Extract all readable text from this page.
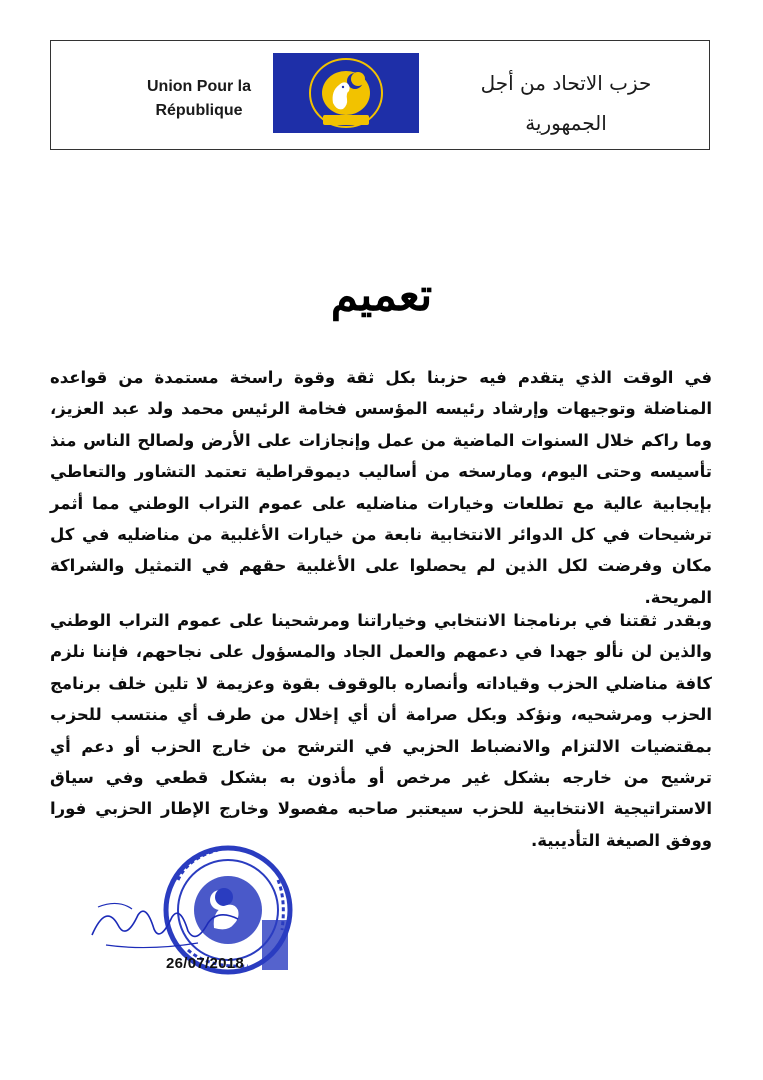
Union Pour la République
حزب الاتحاد من أجل الجمهورية
تعميم
في الوقت الذي يتقدم فيه حزبنا بكل ثقة وقوة راسخة مستمدة من قواعده المناضلة وتوجيهات وإرشاد رئيسه المؤسس فخامة الرئيس محمد ولد عبد العزيز، وما راكم خلال السنوات الماضية من عمل وإنجازات على الأرض ولصالح الناس منذ تأسيسه وحتى اليوم، ومارسخه من أساليب ديموقراطية تعتمد التشاور والتعاطي بإيجابية عالية مع تطلعات وخيارات مناضليه على عموم التراب الوطني مما أثمر ترشيحات في كل الدوائر الانتخابية نابعة من خيارات الأغلبية من مناضليه في كل مكان وفرضت لكل الذين لم يحصلوا على الأغلبية حقهم في التمثيل والشراكة المريحة.
وبقدر ثقتنا في برنامجنا الانتخابي وخياراتنا ومرشحينا على عموم التراب الوطني والذين لن نألو جهدا في دعمهم والعمل الجاد والمسؤول على نجاحهم، فإننا نلزم كافة مناضلي الحزب وقياداته وأنصاره بالوقوف بقوة وعزيمة لا تلين خلف برنامج الحزب ومرشحيه، ونؤكد وبكل صرامة أن أي إخلال من طرف أي منتسب للحزب بمقتضيات الالتزام والانضباط الحزبي في الترشح من خارج الحزب أو دعم أي ترشيح من خارجه بشكل غير مرخص أو مأذون به بشكل قطعي وفي سياق الاستراتيجية الانتخابية للحزب سيعتبر صاحبه مفصولا وخارج الإطار الحزبي فورا ووفق الصيغة التأديبية.
26/07/2018
